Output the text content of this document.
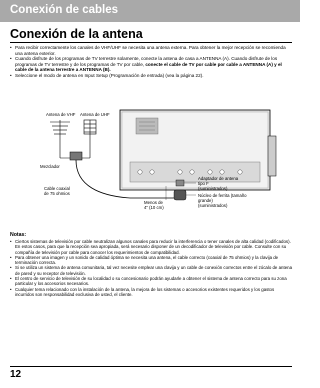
Conexión de cables
Conexión de la antena
• Para recibir correctamente los canales de VHF/UHF se necesita una antena externa. Para obtener la mejor recepción se recomienda una antena exterior.
• Cuando disfrute de los programas de TV terrestre solamente, conecte la antena de casa a ANTENNA (A). Cuando disfrute de los programas de TV terrestre y de los programas de TV por cable, conecte el cable de TV por cable por cable a ANTENNA (A) y el cable de la antena terrestre a ANTENNA (B).
• Seleccione el modo de antena en Input Setup (Programación de entrada) (vea la página 22).
Antena de VHF Antena de UHF
Mezclador
Cable coaxial
de 75 ohmios
Menos de
4" (10 cm)
Adaptador de antena
tipo F
(suministrados)
Núcleo de ferrita (tamaño
grande)
(suministrados)
Notas:
• Ciertos sistemas de televisión por cable neutralizan algunos canales para reducir la interferencia o tener canales de alta calidad (codificados). En estos casos, para que la recepción sea apropiada, será necesario disponer de un decodificador de televisión por cable. Consulte con su compañía de televisión por cable para conocer los requerimientos de compatibilidad.
• Para obtener una imagen y un sonido de calidad óptima se necesita una antena, el cable correcto (coaxial de 75 ohmios) y la clavija de terminación correcta.
• Si se utiliza un sistema de antena comunitaria, tal vez necesite emplear una clavija y un cable de conexión correctos entre el zócalo de antena de pared y su receptor de televisión.
• El centro de servicio de televisión de su localidad o su concesionario podrán ayudarle a obtener el sistema de antena correcto para su zona particular y los accesorios necesarios.
• Cualquier tema relacionado con la instalación de la antena, la mejora de los sistemas o accesorios existentes requeridos y los gastos incurridos son responsabilidad exclusiva de usted, el cliente.
12
